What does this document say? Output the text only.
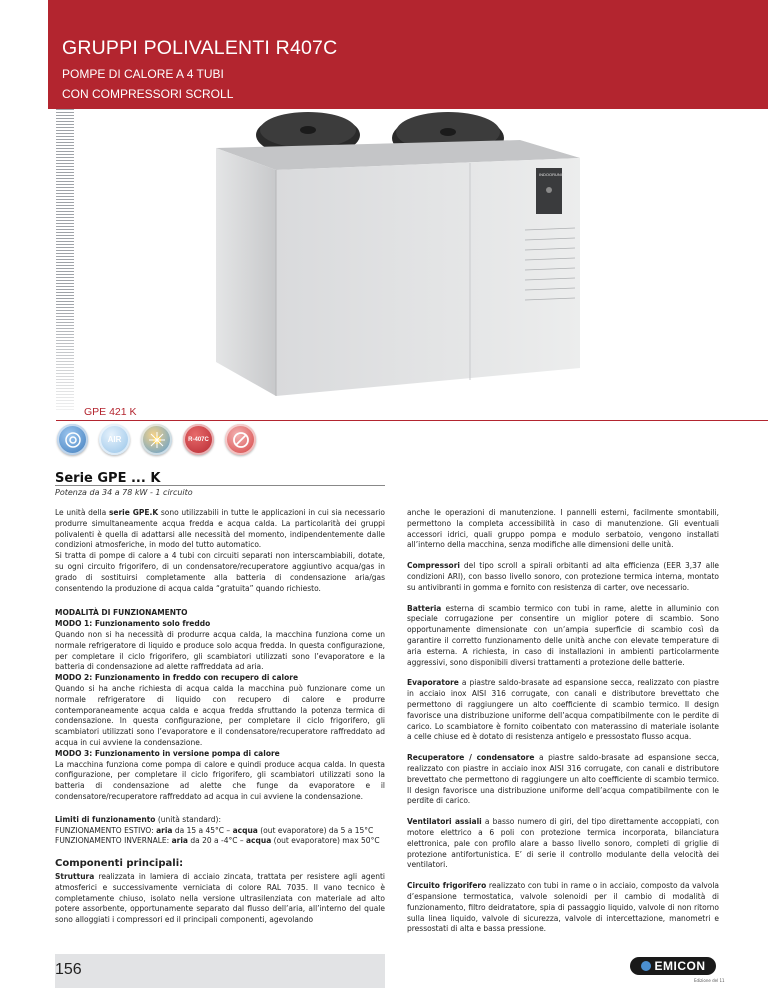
GRUPPI POLIVALENTI R407C
POMPE DI CALORE A 4 TUBI
CON COMPRESSORI SCROLL
INDOORUNIT
GPE 421 K
AIR	R-407C
Serie GPE ... K
Potenza da 34 a 78 kW - 1 circuito

Le unità della serie GPE.K sono utilizzabili in tutte le applicazioni in cui sia necessario produrre simultaneamente acqua fredda e acqua calda. La particolarità dei gruppi polivalenti è quella di adattarsi alle necessità del momento, indipendentemente dalle condizioni atmosferiche, in modo del tutto automatico.

Si tratta di pompe di calore a 4 tubi con circuiti separati non interscambiabili, dotate, su ogni circuito frigorifero, di un condensatore/recuperatore aggiuntivo acqua/gas in grado di sostituirsi completamente alla batteria di condensazione aria/gas consentendo la produzione di acqua calda “gratuita” quando richiesto.

MODALITÀ DI FUNZIONAMENTO
MODO 1: Funzionamento solo freddo
Quando non si ha necessità di produrre acqua calda, la macchina funziona come un normale refrigeratore di liquido e produce solo acqua fredda. In questa configurazione, per completare il ciclo frigorifero, gli scambiatori utilizzati sono l’evaporatore e la batteria di condensazione ad alette raffreddata ad aria.
MODO 2: Funzionamento in freddo con recupero di calore
Quando si ha anche richiesta di acqua calda la macchina può funzionare come un normale refrigeratore di liquido con recupero di calore e produrre contemporaneamente acqua calda e acqua fredda sfruttando la potenza termica di condensazione. In questa configurazione, per completare il ciclo frigorifero, gli scambiatori utilizzati sono l’evaporatore e il condensatore/recuperatore raffreddato ad acqua in cui avviene la condensazione.
MODO 3: Funzionamento in versione pompa di calore

La macchina funziona come pompa di calore e quindi produce acqua calda. In questa configurazione, per completare il ciclo frigorifero, gli scambiatori utilizzati sono la batteria di condensazione ad alette che funge da evaporatore e il condensatore/recuperatore raffreddato ad acqua in cui avviene la condensazione.

Limiti di funzionamento (unità standard):
FUNZIONAMENTO ESTIVO: aria da 15 a 45°C – acqua (out evaporatore) da 5 a 15°C

FUNZIONAMENTO INVERNALE: aria da 20 a -4°C – acqua (out evaporatore) max 50°C

Componenti principali:
Struttura realizzata in lamiera di acciaio zincata, trattata per resistere agli agenti atmosferici e successivamente verniciata di colore RAL 7035. Il vano tecnico è completamente chiuso, isolato nella versione ultrasilenziata con materiale ad alto potere assorbente, opportunamente separato dal flusso dell’aria, all’interno del quale sono alloggiati i compressori ed il principali componenti, agevolando

anche le operazioni di manutenzione. I pannelli esterni, facilmente smontabili, permettono la completa accessibilità in caso di manutenzione. Gli eventuali accessori idrici, quali gruppo pompa e modulo serbatoio, vengono installati all’interno della macchina, senza modifiche alle dimensioni delle unità.

Compressori del tipo scroll a spirali orbitanti ad alta efficienza (EER 3,37 alle condizioni ARI), con basso livello sonoro, con protezione termica interna, montato su antivibranti in gomma e fornito con resistenza di carter, ove necessario.

Batteria esterna di scambio termico con tubi in rame, alette in alluminio con speciale corrugazione per consentire un miglior potere di scambio. Sono opportunamente dimensionate con un’ampia superficie di scambio così da garantire il corretto funzionamento delle unità anche con elevate temperature di aria esterna. A richiesta, in caso di installazioni in ambienti particolarmente aggressivi, sono disponibili diversi trattamenti a protezione delle batterie.

Evaporatore a piastre saldo-brasate ad espansione secca, realizzato con piastre in acciaio inox AISI 316 corrugate, con canali e distributore brevettato che permettono di raggiungere un alto coefficiente di scambio termico. Il design favorisce una distribuzione uniforme dell’acqua compatibilmente con le perdite di carico. Lo scambiatore è fornito coibentato con materassino di materiale isolante a celle chiuse ed è dotato di resistenza antigelo e pressostato flusso acqua.

Recuperatore / condensatore a piastre saldo-brasate ad espansione secca, realizzato con piastre in acciaio inox AISI 316 corrugate, con canali e distributore brevettato che permettono di raggiungere un alto coefficiente di scambio termico. Il design favorisce una distribuzione uniforme dell’acqua compatibilmente con le perdite di carico.

Ventilatori assiali a basso numero di giri, del tipo direttamente accoppiati, con motore elettrico a 6 poli con protezione termica incorporata, bilanciatura elettronica, pale con profilo alare a basso livello sonoro, completi di griglie di protezione antifortunistica. E’ di serie il controllo modulante della velocità dei ventilatori.

Circuito frigorifero realizzato con tubi in rame o in acciaio, composto da valvola d’espansione termostatica, valvole solenoidi per il cambio di modalità di funzionamento, filtro deidratatore, spia di passaggio liquido, valvole di non ritorno sulla linea liquido, valvole di sicurezza, valvole di intercettazione, manometri e pressostati di alta e bassa pressione.

156	EMICON
Edizione del 11
